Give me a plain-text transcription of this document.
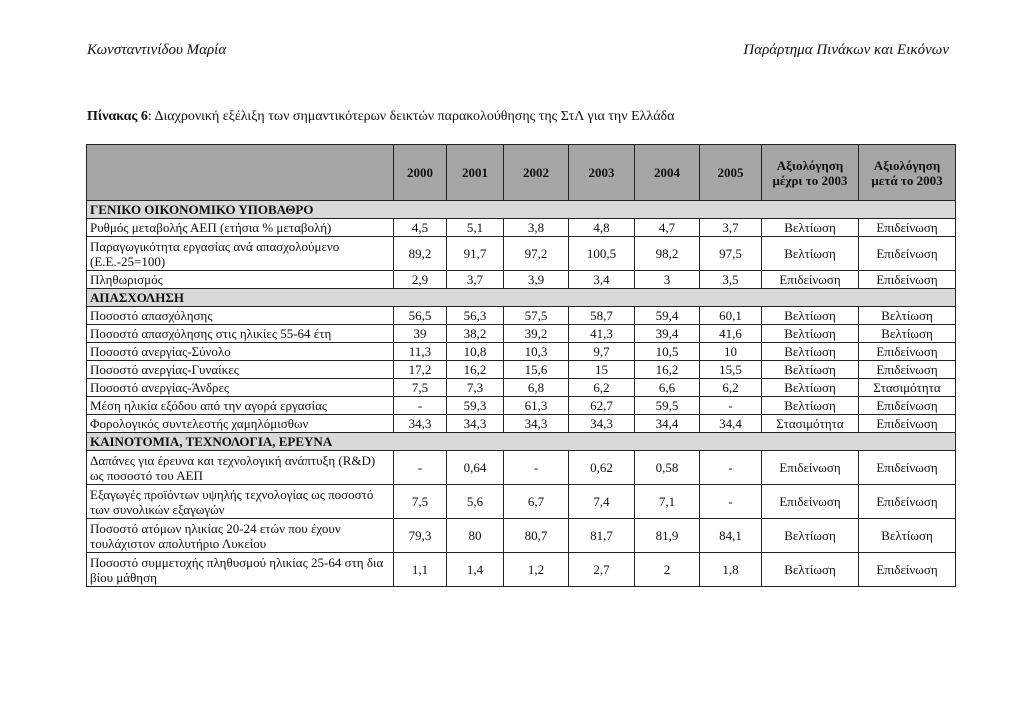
Κωνσταντινίδου Μαρία	Παράρτημα Πινάκων και Εικόνων
Πίνακας 6: Διαχρονική εξέλιξη των σημαντικότερων δεικτών παρακολούθησης της ΣτΛ για την Ελλάδα
	2000	2001	2002	2003	2004	2005	Αξιολόγηση μέχρι το 2003	Αξιολόγηση μετά το 2003
ΓΕΝΙΚΟ ΟΙΚΟΝΟΜΙΚΟ ΥΠΟΒΑΘΡΟ								
Ρυθμός μεταβολής ΑΕΠ (ετήσια % μεταβολή)	4,5	5,1	3,8	4,8	4,7	3,7	Βελτίωση	Επιδείνωση
Παραγωγικότητα εργασίας ανά απασχολούμενο (Ε.Ε.-25=100)	89,2	91,7	97,2	100,5	98,2	97,5	Βελτίωση	Επιδείνωση
Πληθωρισμός	2,9	3,7	3,9	3,4	3	3,5	Επιδείνωση	Επιδείνωση
ΑΠΑΣΧΟΛΗΣΗ								
Ποσοστό απασχόλησης	56,5	56,3	57,5	58,7	59,4	60,1	Βελτίωση	Βελτίωση
Ποσοστό απασχόλησης στις ηλικίες 55-64 έτη	39	38,2	39,2	41,3	39,4	41,6	Βελτίωση	Βελτίωση
Ποσοστό ανεργίας-Σύνολο	11,3	10,8	10,3	9,7	10,5	10	Βελτίωση	Επιδείνωση
Ποσοστό ανεργίας-Γυναίκες	17,2	16,2	15,6	15	16,2	15,5	Βελτίωση	Επιδείνωση
Ποσοστό ανεργίας-Άνδρες	7,5	7,3	6,8	6,2	6,6	6,2	Βελτίωση	Στασιμότητα
Μέση ηλικία εξόδου από την αγορά εργασίας	-	59,3	61,3	62,7	59,5	-	Βελτίωση	Επιδείνωση
Φορολογικός συντελεστής χαμηλόμισθων	34,3	34,3	34,3	34,3	34,4	34,4	Στασιμότητα	Επιδείνωση
ΚΑΙΝΟΤΟΜΙΑ, ΤΕΧΝΟΛΟΓΙΑ, ΕΡΕΥΝΑ								
Δαπάνες για έρευνα και τεχνολογική ανάπτυξη (R&D) ως ποσοστό του ΑΕΠ	-	0,64	-	0,62	0,58	-	Επιδείνωση	Επιδείνωση
Εξαγωγές προϊόντων υψηλής τεχνολογίας ως ποσοστό των συνολικών εξαγωγών	7,5	5,6	6,7	7,4	7,1	-	Επιδείνωση	Επιδείνωση
Ποσοστό ατόμων ηλικίας 20-24 ετών που έχουν τουλάχιστον απολυτήριο Λυκείου	79,3	80	80,7	81,7	81,9	84,1	Βελτίωση	Βελτίωση
Ποσοστό συμμετοχής πληθυσμού ηλικίας 25-64 στη δια βίου μάθηση	1,1	1,4	1,2	2,7	2	1,8	Βελτίωση	Επιδείνωση
